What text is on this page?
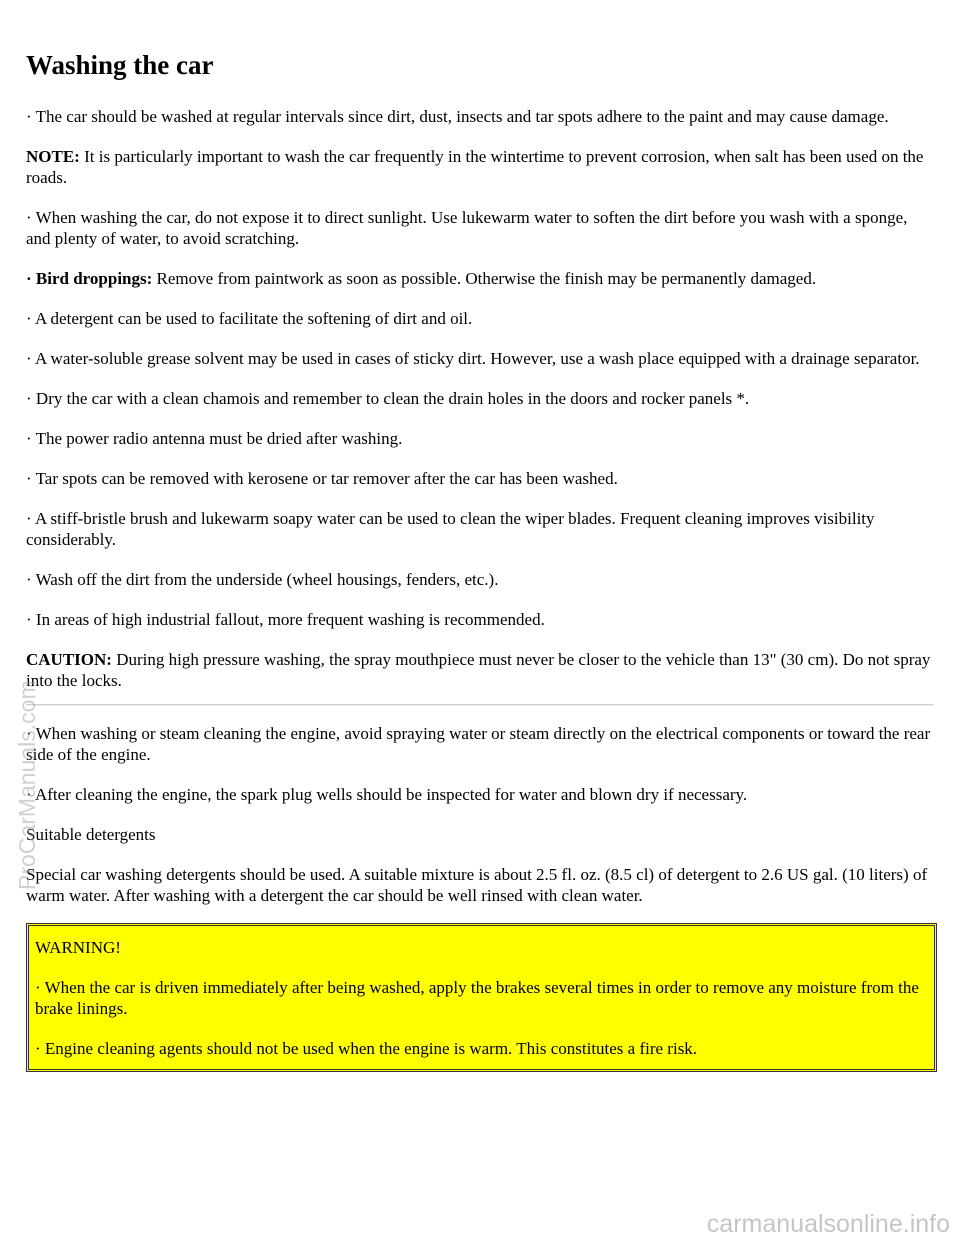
Washing the car

· The car should be washed at regular intervals since dirt, dust, insects and tar spots adhere to the paint and may cause damage.

NOTE: It is particularly important to wash the car frequently in the wintertime to prevent corrosion, when salt has been used on the roads.

· When washing the car, do not expose it to direct sunlight. Use lukewarm water to soften the dirt before you wash with a sponge, and plenty of water, to avoid scratching.

· Bird droppings: Remove from paintwork as soon as possible. Otherwise the finish may be permanently damaged.

· A detergent can be used to facilitate the softening of dirt and oil.

· A water-soluble grease solvent may be used in cases of sticky dirt. However, use a wash place equipped with a drainage separator.

· Dry the car with a clean chamois and remember to clean the drain holes in the doors and rocker panels *.

· The power radio antenna must be dried after washing.

· Tar spots can be removed with kerosene or tar remover after the car has been washed.

· A stiff-bristle brush and lukewarm soapy water can be used to clean the wiper blades. Frequent cleaning improves visibility considerably.

· Wash off the dirt from the underside (wheel housings, fenders, etc.).

· In areas of high industrial fallout, more frequent washing is recommended.

CAUTION: During high pressure washing, the spray mouthpiece must never be closer to the vehicle than 13" (30 cm). Do not spray into the locks.

· When washing or steam cleaning the engine, avoid spraying water or steam directly on the electrical components or toward the rear side of the engine.

· After cleaning the engine, the spark plug wells should be inspected for water and blown dry if necessary.

Suitable detergents

Special car washing detergents should be used. A suitable mixture is about 2.5 fl. oz. (8.5 cl) of detergent to 2.6 US gal. (10 liters) of warm water. After washing with a detergent the car should be well rinsed with clean water.

WARNING!

· When the car is driven immediately after being washed, apply the brakes several times in order to remove any moisture from the brake linings.

· Engine cleaning agents should not be used when the engine is warm. This constitutes a fire risk.

ProCarManuals.com
carmanualsonline.info
